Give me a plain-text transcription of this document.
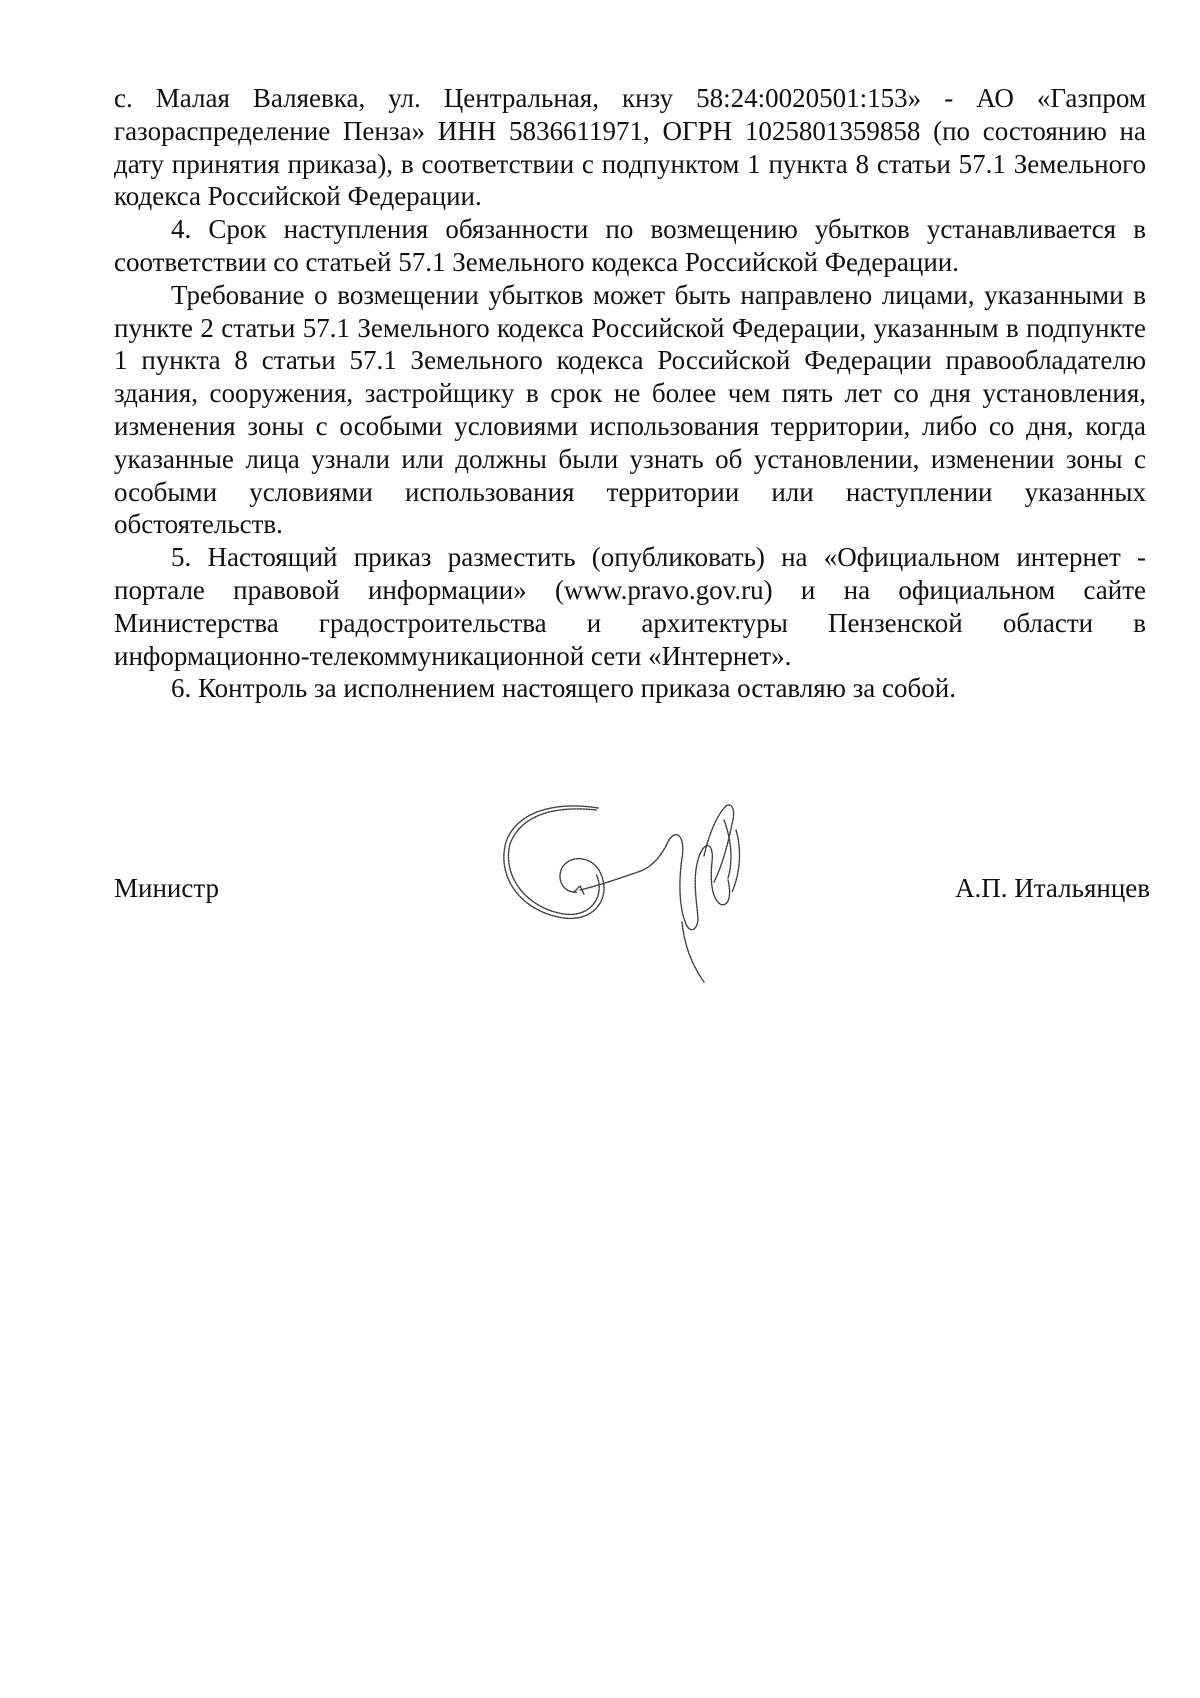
с. Малая Валяевка, ул. Центральная, кнзу 58:24:0020501:153» - АО «Газпром газораспределение Пенза» ИНН 5836611971, ОГРН 1025801359858 (по состоянию на дату принятия приказа), в соответствии с подпунктом 1 пункта 8 статьи 57.1 Земельного кодекса Российской Федерации.

4. Срок наступления обязанности по возмещению убытков устанавливается в соответствии со статьей 57.1 Земельного кодекса Российской Федерации.

Требование о возмещении убытков может быть направлено лицами, указанными в пункте 2 статьи 57.1 Земельного кодекса Российской Федерации, указанным в подпункте 1 пункта 8 статьи 57.1 Земельного кодекса Российской Федерации правообладателю здания, сооружения, застройщику в срок не более чем пять лет со дня установления, изменения зоны с особыми условиями использования территории, либо со дня, когда указанные лица узнали или должны были узнать об установлении, изменении зоны с особыми условиями использования территории или наступлении указанных обстоятельств.

5. Настоящий приказ разместить (опубликовать) на «Официальном интернет - портале правовой информации» (www.pravo.gov.ru) и на официальном сайте Министерства градостроительства и архитектуры Пензенской области в информационно-телекоммуникационной сети «Интернет».

6. Контроль за исполнением настоящего приказа оставляю за собой.

Министр	А.П. Итальянцев
